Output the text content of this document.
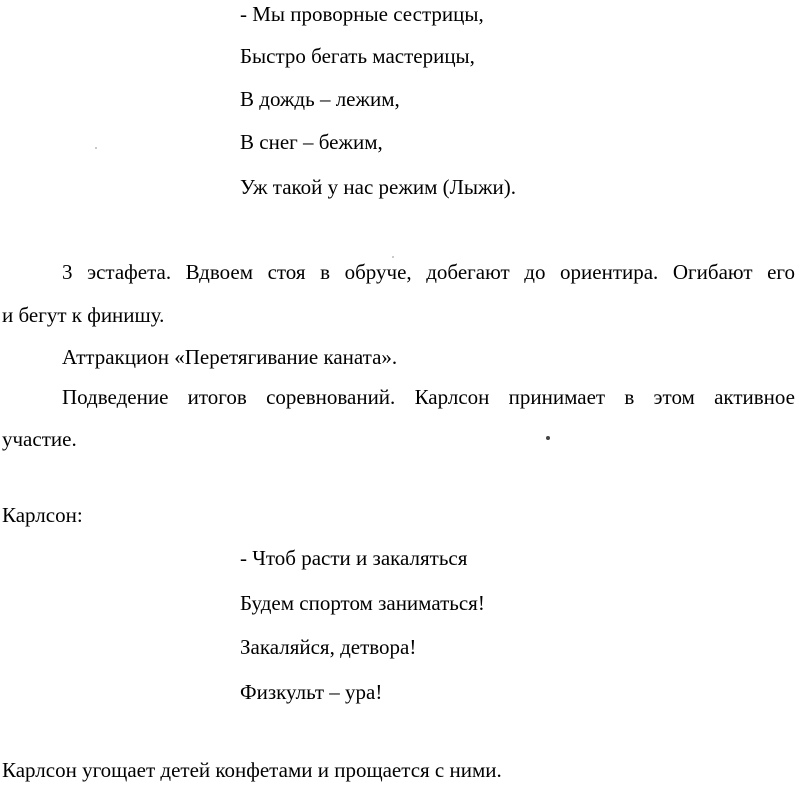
- Мы проворные сестрицы,
Быстро бегать мастерицы,
В дождь – лежим,
В снег – бежим,
Уж такой у нас режим (Лыжи).
3 эстафета. Вдвоем стоя в обруче, добегают до ориентира. Огибают его
и бегут к финишу.
Аттракцион «Перетягивание каната».
Подведение итогов соревнований. Карлсон принимает в этом активное
участие.
Карлсон:
- Чтоб расти и закаляться
Будем спортом заниматься!
Закаляйся, детвора!
Физкульт – ура!
Карлсон угощает детей конфетами и прощается с ними.
